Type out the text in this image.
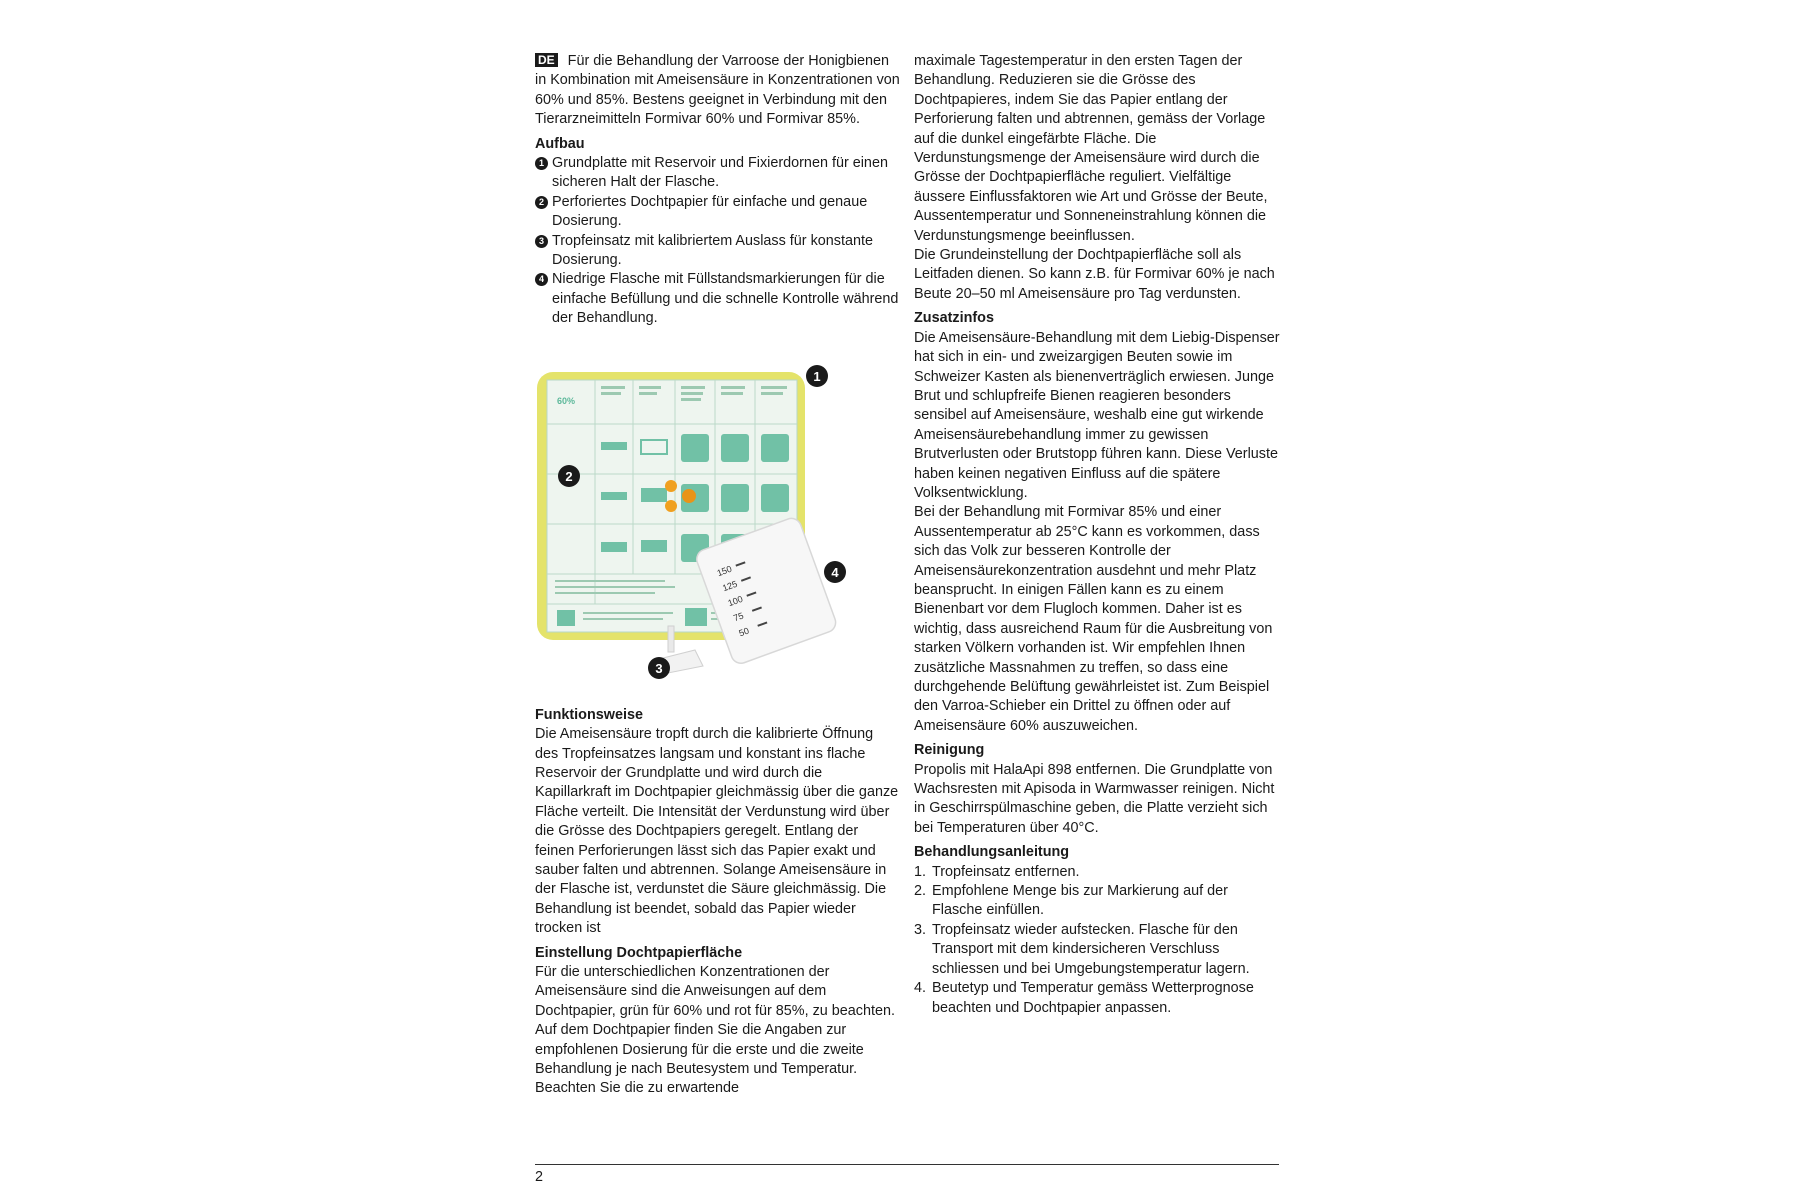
DE Für die Behandlung der Varroose der Honigbienen in Kombination mit Ameisensäure in Konzentrationen von 60% und 85%. Bestens geeignet in Verbindung mit den Tierarzneimitteln Formivar 60% und Formivar 85%.

Aufbau
1 Grundplatte mit Reservoir und Fixierdornen für einen sicheren Halt der Flasche.
2 Perforiertes Dochtpapier für einfache und genaue Dosierung.
3 Tropfeinsatz mit kalibriertem Auslass für konstante Dosierung.
4 Niedrige Flasche mit Füllstandsmarkierungen für die einfache Befüllung und die schnelle Kontrolle während der Behandlung.
60%
150
125
100
75
50
1
2
3
4
Funktionsweise

Die Ameisensäure tropft durch die kalibrierte Öffnung des Tropfeinsatzes langsam und konstant ins flache Reservoir der Grundplatte und wird durch die Kapillarkraft im Dochtpapier gleichmässig über die ganze Fläche verteilt. Die Intensität der Verdunstung wird über die Grösse des Dochtpapiers geregelt. Entlang der feinen Perforierungen lässt sich das Papier exakt und sauber falten und abtrennen. Solange Ameisensäure in der Flasche ist, verdunstet die Säure gleichmässig. Die Behandlung ist beendet, sobald das Papier wieder trocken ist

Einstellung Dochtpapierfläche

Für die unterschiedlichen Konzentrationen der Ameisensäure sind die Anweisungen auf dem Dochtpapier, grün für 60% und rot für 85%, zu beachten.

Auf dem Dochtpapier finden Sie die Angaben zur empfohlenen Dosierung für die erste und die zweite Behandlung je nach Beutesystem und Temperatur. Beachten Sie die zu erwartende

maximale Tagestemperatur in den ersten Tagen der Behandlung. Reduzieren sie die Grösse des Dochtpapieres, indem Sie das Papier entlang der Perforierung falten und abtrennen, gemäss der Vorlage auf die dunkel eingefärbte Fläche. Die Verdunstungsmenge der Ameisensäure wird durch die Grösse der Dochtpapierfläche reguliert. Vielfältige äussere Einflussfaktoren wie Art und Grösse der Beute, Aussentemperatur und Sonneneinstrahlung können die Verdunstungsmenge beeinflussen.

Die Grundeinstellung der Dochtpapierfläche soll als Leitfaden dienen. So kann z.B. für Formivar 60% je nach Beute 20–50 ml Ameisensäure pro Tag verdunsten.

Zusatzinfos

Die Ameisensäure-Behandlung mit dem Liebig-Dispenser hat sich in ein- und zweizargigen Beuten sowie im Schweizer Kasten als bienenverträglich erwiesen. Junge Brut und schlupfreife Bienen reagieren besonders sensibel auf Ameisensäure, weshalb eine gut wirkende Ameisensäurebehandlung immer zu gewissen Brutverlusten oder Brutstopp führen kann. Diese Verluste haben keinen negativen Einfluss auf die spätere Volksentwicklung.

Bei der Behandlung mit Formivar 85% und einer Aussentemperatur ab 25°C kann es vorkommen, dass sich das Volk zur besseren Kontrolle der Ameisensäurekonzentration ausdehnt und mehr Platz beansprucht. In einigen Fällen kann es zu einem Bienenbart vor dem Flugloch kommen. Daher ist es wichtig, dass ausreichend Raum für die Ausbreitung von starken Völkern vorhanden ist. Wir empfehlen Ihnen zusätzliche Massnahmen zu treffen, so dass eine durchgehende Belüftung gewährleistet ist. Zum Beispiel den Varroa-Schieber ein Drittel zu öffnen oder auf Ameisensäure 60% auszuweichen.

Reinigung

Propolis mit HalaApi 898 entfernen. Die Grundplatte von Wachsresten mit Apisoda in Warmwasser reinigen. Nicht in Geschirrspülmaschine geben, die Platte verzieht sich bei Temperaturen über 40°C.

Behandlungsanleitung
1. Tropfeinsatz entfernen.
2. Empfohlene Menge bis zur Markierung auf der Flasche einfüllen.
3. Tropfeinsatz wieder aufstecken. Flasche für den Transport mit dem kindersicheren Verschluss schliessen und bei Umgebungstemperatur lagern.
4. Beutetyp und Temperatur gemäss Wetterprognose beachten und Dochtpapier anpassen.
2
